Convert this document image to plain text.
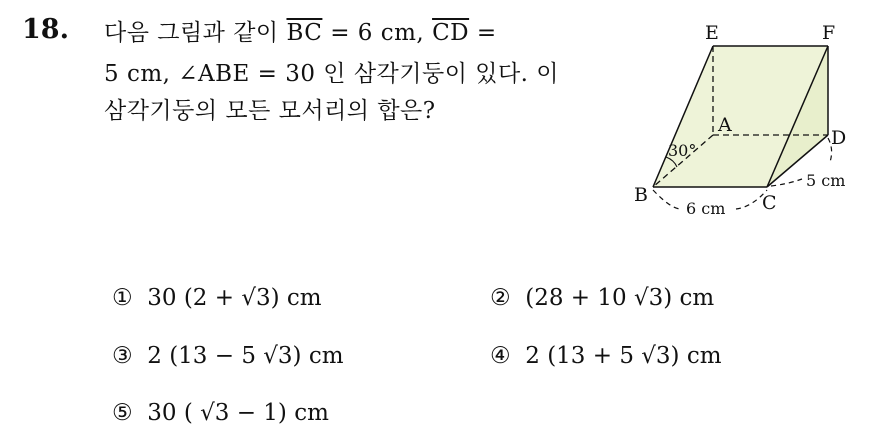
18. 다음 그림과 같이 $\overline{BC} = 6$ cm, $\overline{CD}$ =
5 cm, ∠ABE = 30 인 삼각기둥이 있다. 이
삼각기둥의 모든 모서리의 합은?
E	F
A
D
B	C
30°
6 cm
5 cm
① 30 (2 + √3) cm	② (28 + 10 √3) cm
③ 2 (13 − 5 √3) cm	④ 2 (13 + 5 √3) cm
⑤ 30 ( √3 − 1) cm
